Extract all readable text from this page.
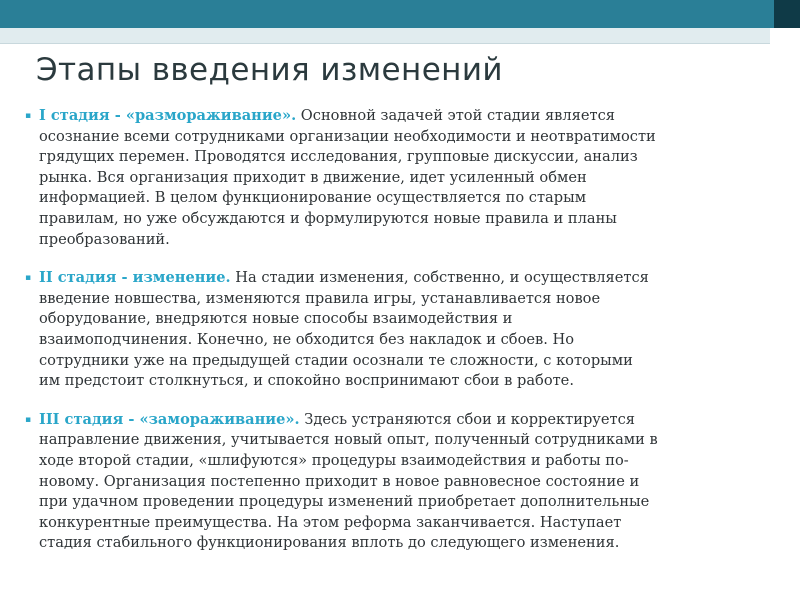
Этапы введения изменений
▪ I стадия - «размораживание». Основной задачей этой стадии является
осознание всеми сотрудниками организации необходимости и неотвратимости
грядущих перемен. Проводятся исследования, групповые дискуссии, анализ
рынка. Вся организация приходит в движение, идет усиленный обмен
информацией. В целом функционирование осуществляется по старым
правилам, но уже обсуждаются и формулируются новые правила и планы
преобразований.
▪ II стадия - изменение. На стадии изменения, собственно, и осуществляется
введение новшества, изменяются правила игры, устанавливается новое
оборудование, внедряются новые способы взаимодействия и
взаимоподчинения. Конечно, не обходится без накладок и сбоев. Но
сотрудники уже на предыдущей стадии осознали те сложности, с которыми
им предстоит столкнуться, и спокойно воспринимают сбои в работе.
▪ III стадия - «замораживание». Здесь устраняются сбои и корректируется
направление движения, учитывается новый опыт, полученный сотрудниками в
ходе второй стадии, «шлифуются» процедуры взаимодействия и работы по-
новому. Организация постепенно приходит в новое равновесное состояние и
при удачном проведении процедуры изменений приобретает дополнительные
конкурентные преимущества. На этом реформа заканчивается. Наступает
стадия стабильного функционирования вплоть до следующего изменения.
